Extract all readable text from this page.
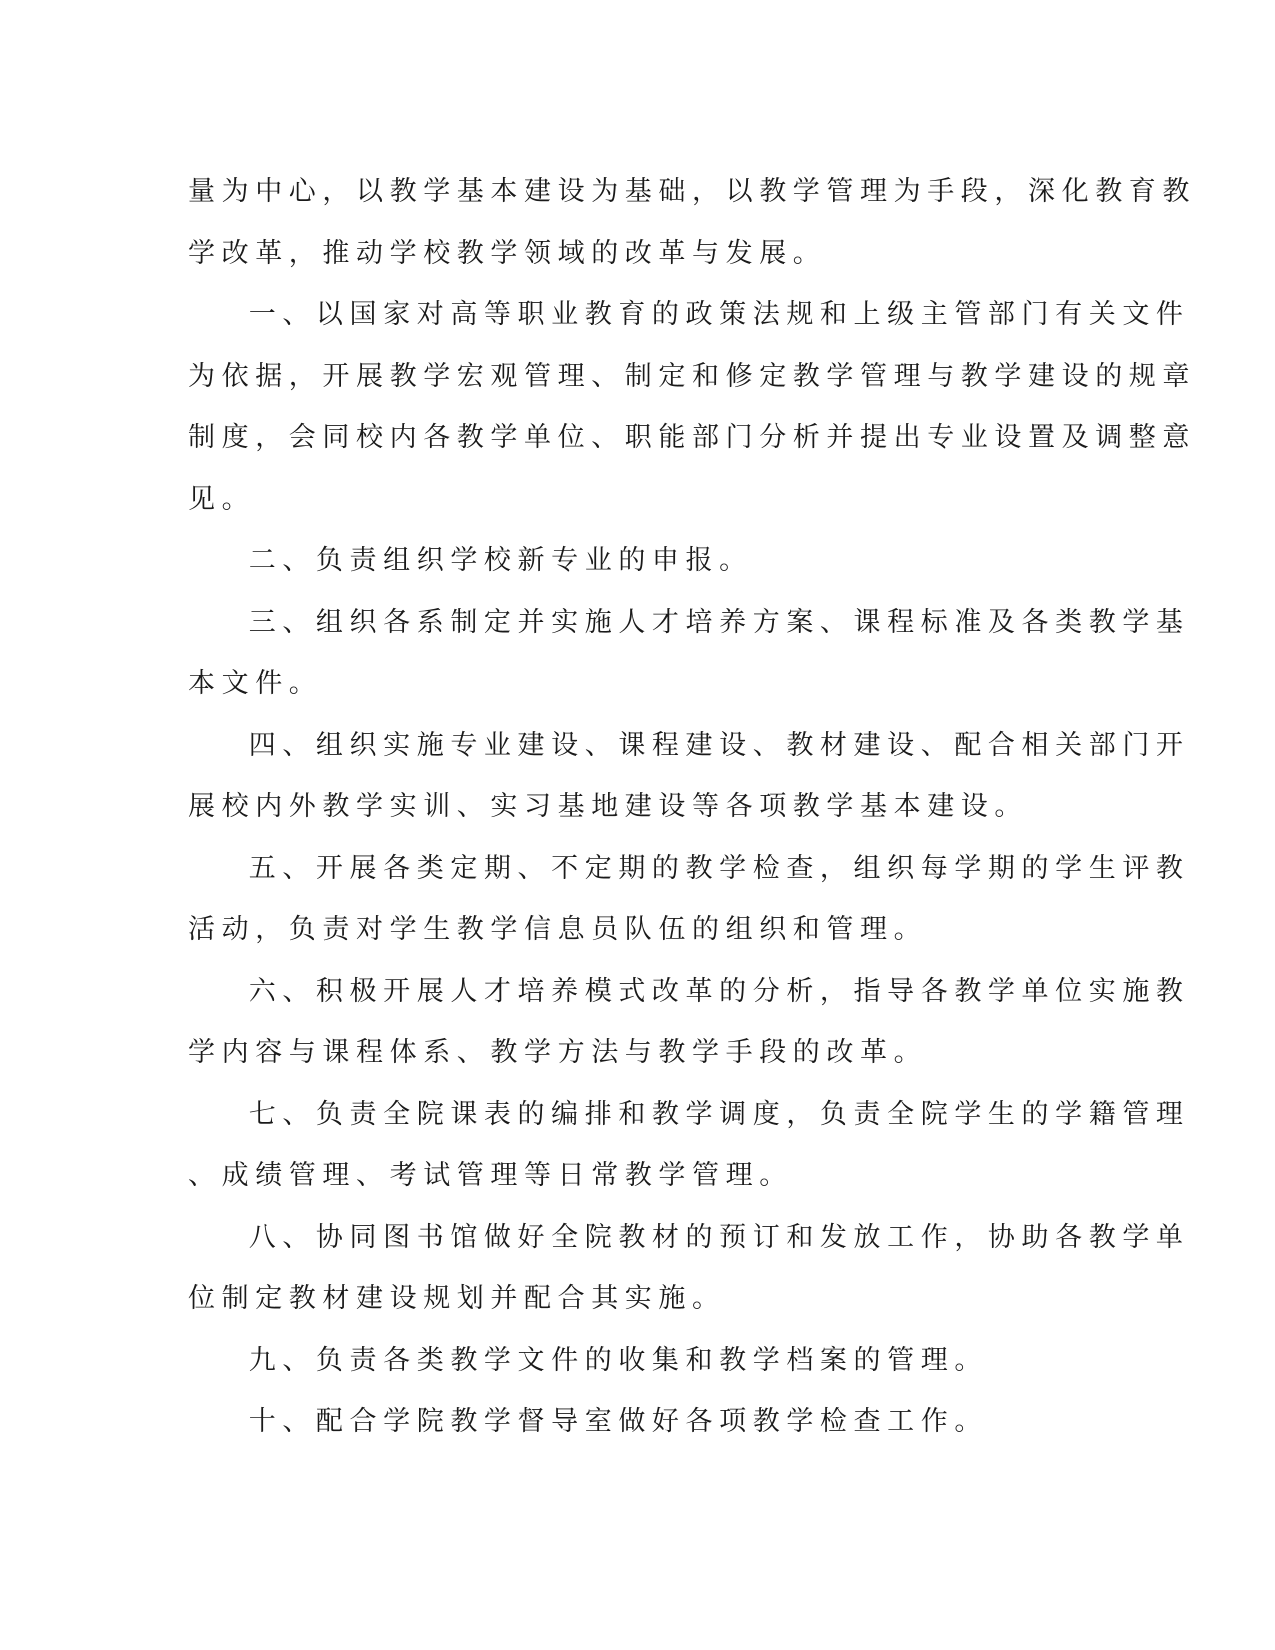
量为中心，以教学基本建设为基础，以教学管理为手段，深化教育教
学改革，推动学校教学领域的改革与发展。
一、以国家对高等职业教育的政策法规和上级主管部门有关文件
为依据，开展教学宏观管理、制定和修定教学管理与教学建设的规章
制度，会同校内各教学单位、职能部门分析并提出专业设置及调整意
见。
二、负责组织学校新专业的申报。
三、组织各系制定并实施人才培养方案、课程标准及各类教学基
本文件。
四、组织实施专业建设、课程建设、教材建设、配合相关部门开
展校内外教学实训、实习基地建设等各项教学基本建设。
五、开展各类定期、不定期的教学检查，组织每学期的学生评教
活动，负责对学生教学信息员队伍的组织和管理。
六、积极开展人才培养模式改革的分析，指导各教学单位实施教
学内容与课程体系、教学方法与教学手段的改革。
七、负责全院课表的编排和教学调度，负责全院学生的学籍管理
、成绩管理、考试管理等日常教学管理。
八、协同图书馆做好全院教材的预订和发放工作，协助各教学单
位制定教材建设规划并配合其实施。
九、负责各类教学文件的收集和教学档案的管理。
十、配合学院教学督导室做好各项教学检查工作。
